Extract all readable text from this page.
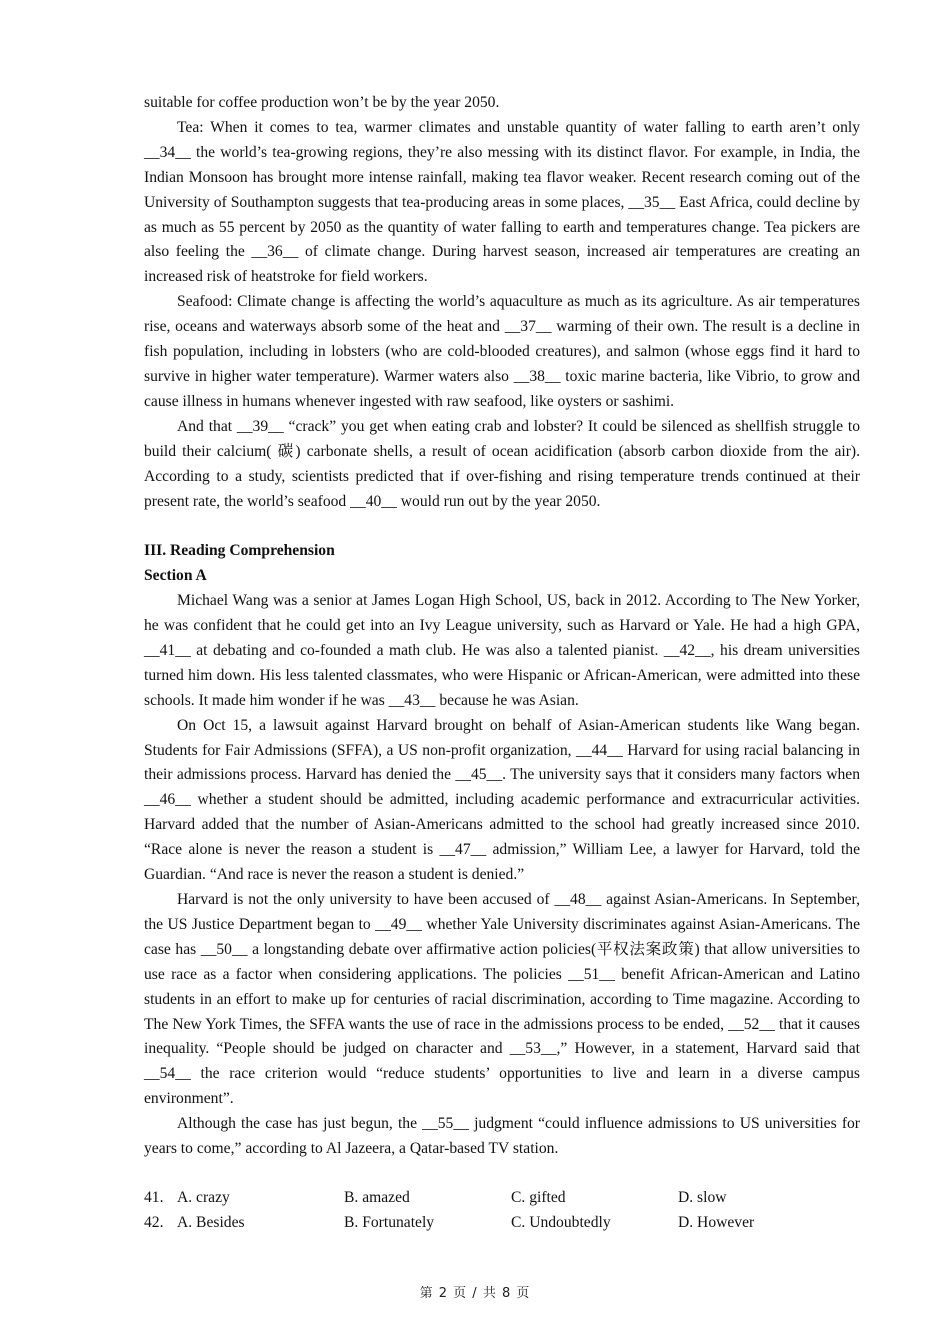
suitable for coffee production won’t be by the year 2050.

Tea: When it comes to tea, warmer climates and unstable quantity of water falling to earth aren’t only __34__ the world’s tea-growing regions, they’re also messing with its distinct flavor. For example, in India, the Indian Monsoon has brought more intense rainfall, making tea flavor weaker. Recent research coming out of the University of Southampton suggests that tea-producing areas in some places, __35__ East Africa, could decline by as much as 55 percent by 2050 as the quantity of water falling to earth and temperatures change. Tea pickers are also feeling the __36__ of climate change. During harvest season, increased air temperatures are creating an increased risk of heatstroke for field workers.

Seafood: Climate change is affecting the world’s aquaculture as much as its agriculture. As air temperatures rise, oceans and waterways absorb some of the heat and __37__ warming of their own. The result is a decline in fish population, including in lobsters (who are cold-blooded creatures), and salmon (whose eggs find it hard to survive in higher water temperature). Warmer waters also __38__ toxic marine bacteria, like Vibrio, to grow and cause illness in humans whenever ingested with raw seafood, like oysters or sashimi.

And that __39__ “crack” you get when eating crab and lobster? It could be silenced as shellfish struggle to build their calcium( 碳) carbonate shells, a result of ocean acidification (absorb carbon dioxide from the air). According to a study, scientists predicted that if over-fishing and rising temperature trends continued at their present rate, the world’s seafood __40__ would run out by the year 2050.

III. Reading Comprehension

Section A

Michael Wang was a senior at James Logan High School, US, back in 2012. According to The New Yorker, he was confident that he could get into an Ivy League university, such as Harvard or Yale. He had a high GPA, __41__ at debating and co-founded a math club. He was also a talented pianist. __42__, his dream universities turned him down. His less talented classmates, who were Hispanic or African-American, were admitted into these schools. It made him wonder if he was __43__ because he was Asian.

On Oct 15, a lawsuit against Harvard brought on behalf of Asian-American students like Wang began. Students for Fair Admissions (SFFA), a US non-profit organization, __44__ Harvard for using racial balancing in their admissions process. Harvard has denied the __45__. The university says that it considers many factors when __46__ whether a student should be admitted, including academic performance and extracurricular activities. Harvard added that the number of Asian-Americans admitted to the school had greatly increased since 2010. “Race alone is never the reason a student is __47__ admission,” William Lee, a lawyer for Harvard, told the Guardian. “And race is never the reason a student is denied.”

Harvard is not the only university to have been accused of __48__ against Asian-Americans. In September, the US Justice Department began to __49__ whether Yale University discriminates against Asian-Americans. The case has __50__ a longstanding debate over affirmative action policies(平权法案政策) that allow universities to use race as a factor when considering applications. The policies __51__ benefit African-American and Latino students in an effort to make up for centuries of racial discrimination, according to Time magazine. According to The New York Times, the SFFA wants the use of race in the admissions process to be ended, __52__ that it causes inequality. “People should be judged on character and __53__,” However, in a statement, Harvard said that __54__ the race criterion would “reduce students’ opportunities to live and learn in a diverse campus environment”.

Although the case has just begun, the __55__ judgment “could influence admissions to US universities for years to come,” according to Al Jazeera, a Qatar-based TV station.

41. A. crazy	B. amazed	C. gifted	D. slow
42. A. Besides	B. Fortunately	C. Undoubtedly	D. However
第 2 页 / 共 8 页
